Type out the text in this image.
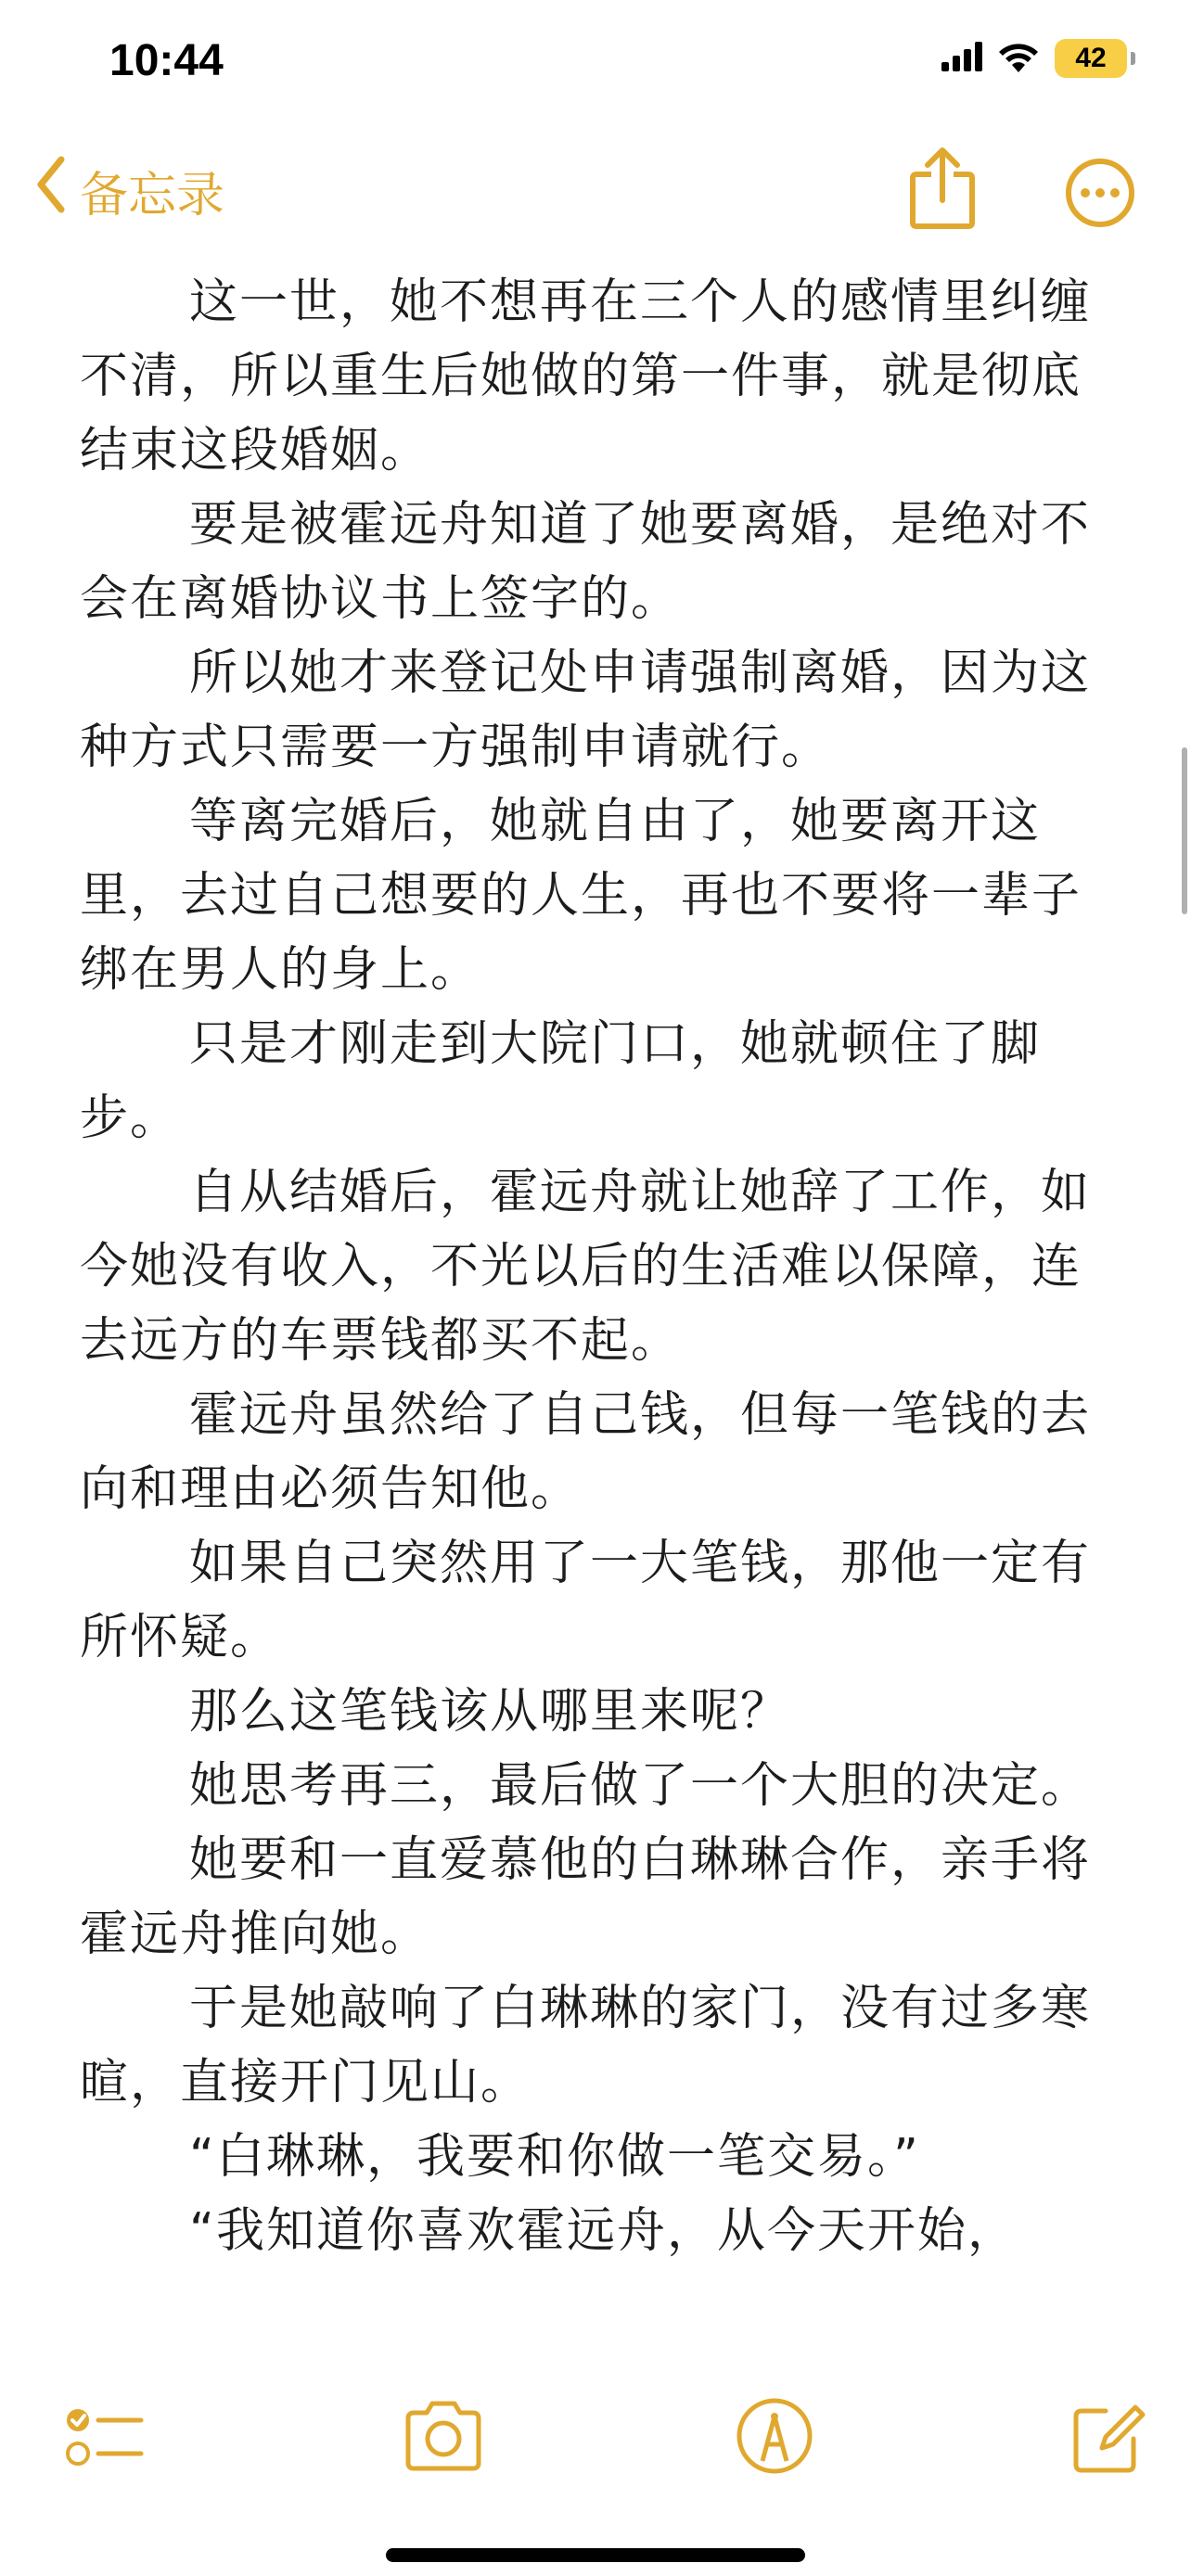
10:44	42
备忘录

这一世，她不想再在三个人的感情里纠缠不清，所以重生后她做的第一件事，就是彻底结束这段婚姻。

要是被霍远舟知道了她要离婚，是绝对不会在离婚协议书上签字的。

所以她才来登记处申请强制离婚，因为这种方式只需要一方强制申请就行。

等离完婚后，她就自由了，她要离开这里，去过自己想要的人生，再也不要将一辈子绑在男人的身上。

只是才刚走到大院门口，她就顿住了脚步。

自从结婚后，霍远舟就让她辞了工作，如今她没有收入，不光以后的生活难以保障，连去远方的车票钱都买不起。

霍远舟虽然给了自己钱，但每一笔钱的去向和理由必须告知他。

如果自己突然用了一大笔钱，那他一定有所怀疑。

那么这笔钱该从哪里来呢？

她思考再三，最后做了一个大胆的决定。

她要和一直爱慕他的白琳琳合作，亲手将霍远舟推向她。

于是她敲响了白琳琳的家门，没有过多寒暄，直接开门见山。

“白琳琳，我要和你做一笔交易。”

“我知道你喜欢霍远舟，从今天开始，
